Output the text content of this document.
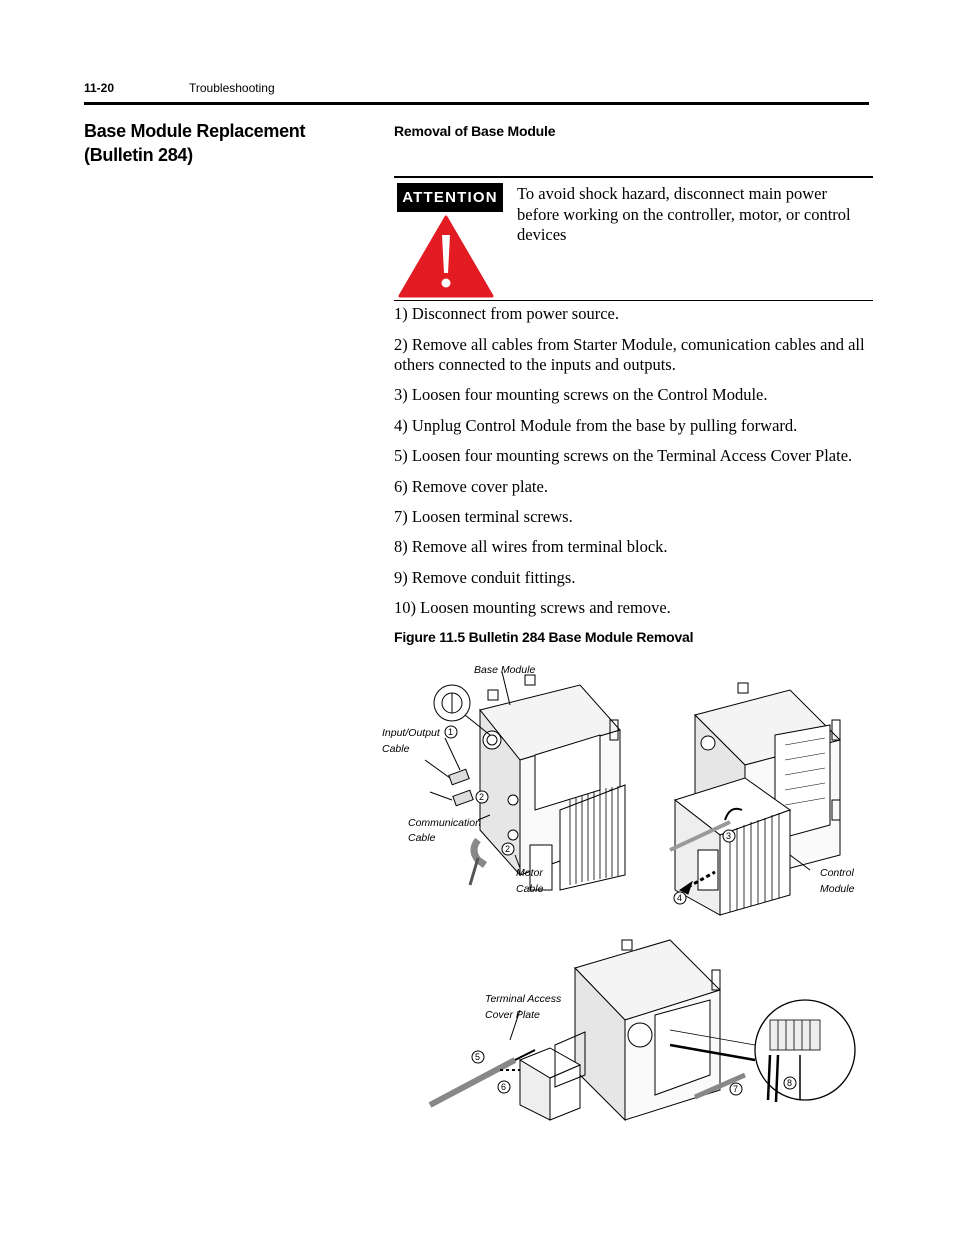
11-20	Troubleshooting
Base Module Replacement (Bulletin 284)
Removal of Base Module
ATTENTION	To avoid shock hazard, disconnect main power before working on the controller, motor, or control devices
1) Disconnect from power source.
2) Remove all cables from Starter Module, comunication cables and all others connected to the inputs and outputs.
3) Loosen four mounting screws on the Control Module.
4) Unplug Control Module from the base by pulling forward.
5) Loosen four mounting screws on the Terminal Access Cover Plate.
6) Remove cover plate.
7) Loosen terminal screws.
8) Remove all wires from terminal block.
9) Remove conduit fittings.
10) Loosen mounting screws and remove.
Figure 11.5 Bulletin 284 Base Module Removal
Base Module
Input/Output
Cable
Communication
Cable
Motor
Cable
1
2
2
Control
Module
3
4
Terminal Access
Cover Plate
5
6	7
8
